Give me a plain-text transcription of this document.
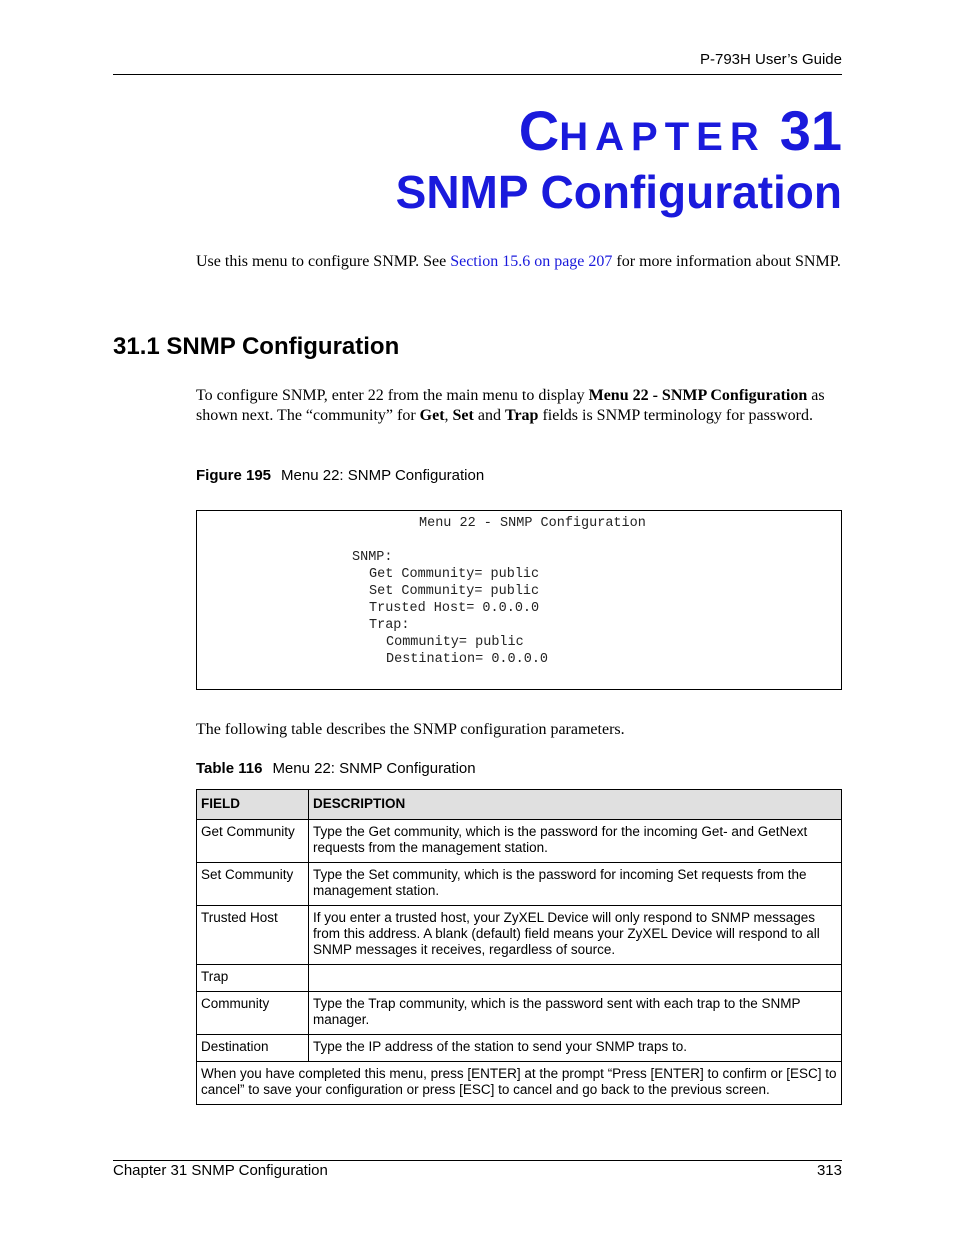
P-793H User’s Guide
CHAPTER 31
SNMP Configuration
Use this menu to configure SNMP. See Section 15.6 on page 207 for more information about SNMP.
31.1 SNMP Configuration
To configure SNMP, enter 22 from the main menu to display Menu 22 - SNMP Configuration as shown next. The “community” for Get, Set and Trap fields is SNMP terminology for password.
Figure 195 Menu 22: SNMP Configuration
Menu 22 - SNMP Configuration
SNMP:
Get Community= public
Set Community= public
Trusted Host= 0.0.0.0
Trap:
Community= public
Destination= 0.0.0.0
The following table describes the SNMP configuration parameters.
Table 116 Menu 22: SNMP Configuration
FIELD	DESCRIPTION
Get Community	Type the Get community, which is the password for the incoming Get- and GetNext requests from the management station.
Set Community	Type the Set community, which is the password for incoming Set requests from the management station.
Trusted Host	If you enter a trusted host, your ZyXEL Device will only respond to SNMP messages from this address. A blank (default) field means your ZyXEL Device will respond to all SNMP messages it receives, regardless of source.
Trap	
Community	Type the Trap community, which is the password sent with each trap to the SNMP manager.
Destination	Type the IP address of the station to send your SNMP traps to.
When you have completed this menu, press [ENTER] at the prompt “Press [ENTER] to confirm or [ESC] to cancel” to save your configuration or press [ESC] to cancel and go back to the previous screen.	
Chapter 31 SNMP Configuration	313
